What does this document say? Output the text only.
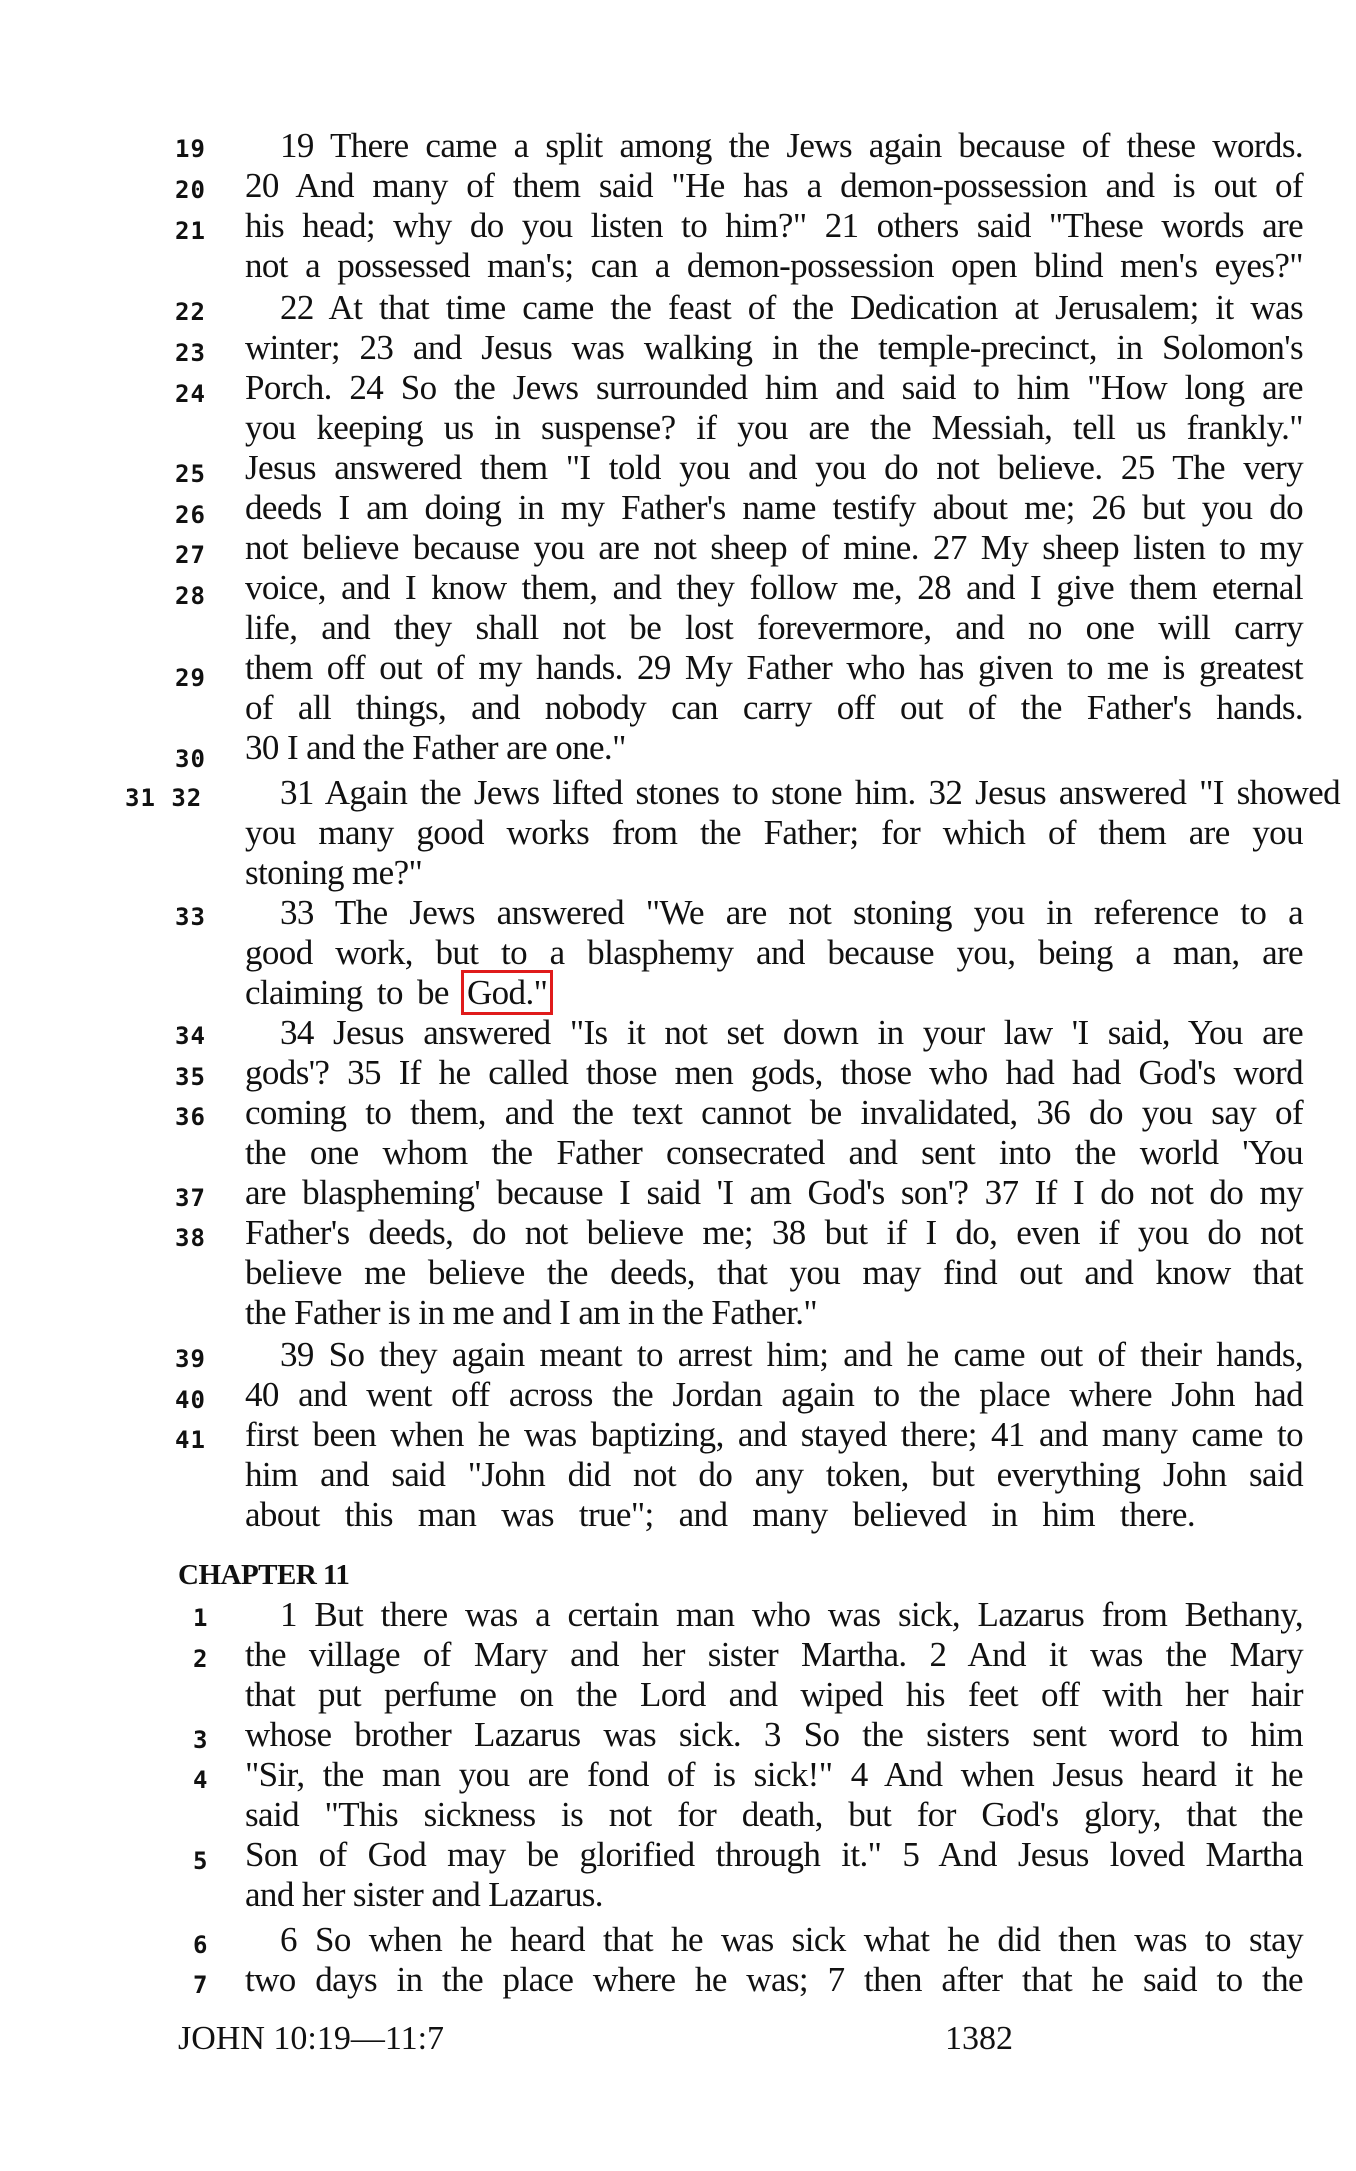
19 There came a split among the Jews again because of these words.
20 And many of them said "He has a demon-possession and is out of
his head; why do you listen to him?" 21 others said "These words are
not a possessed man's; can a demon-possession open blind men's eyes?"
22 At that time came the feast of the Dedication at Jerusalem; it was
winter; 23 and Jesus was walking in the temple-precinct, in Solomon's
Porch. 24 So the Jews surrounded him and said to him "How long are
you keeping us in suspense? if you are the Messiah, tell us frankly."
Jesus answered them "I told you and you do not believe. 25 The very
deeds I am doing in my Father's name testify about me; 26 but you do
not believe because you are not sheep of mine. 27 My sheep listen to my
voice, and I know them, and they follow me, 28 and I give them eternal
life, and they shall not be lost forevermore, and no one will carry
them off out of my hands. 29 My Father who has given to me is greatest
of all things, and nobody can carry off out of the Father's hands.
30 I and the Father are one."
31 Again the Jews lifted stones to stone him. 32 Jesus answered "I showed
you many good works from the Father; for which of them are you
stoning me?"
33 The Jews answered "We are not stoning you in reference to a
good work, but to a blasphemy and because you, being a man, are
claiming to be God."
34 Jesus answered "Is it not set down in your law 'I said, You are
gods'? 35 If he called those men gods, those who had had God's word
coming to them, and the text cannot be invalidated, 36 do you say of
the one whom the Father consecrated and sent into the world 'You
are blaspheming' because I said 'I am God's son'? 37 If I do not do my
Father's deeds, do not believe me; 38 but if I do, even if you do not
believe me believe the deeds, that you may find out and know that
the Father is in me and I am in the Father."
39 So they again meant to arrest him; and he came out of their hands,
40 and went off across the Jordan again to the place where John had
first been when he was baptizing, and stayed there; 41 and many came to
him and said "John did not do any token, but everything John said
about this man was true"; and many believed in him there.
CHAPTER 11
1 But there was a certain man who was sick, Lazarus from Bethany,
the village of Mary and her sister Martha. 2 And it was the Mary
that put perfume on the Lord and wiped his feet off with her hair
whose brother Lazarus was sick. 3 So the sisters sent word to him
"Sir, the man you are fond of is sick!" 4 And when Jesus heard it he
said "This sickness is not for death, but for God's glory, that the
Son of God may be glorified through it." 5 And Jesus loved Martha
and her sister and Lazarus.
6 So when he heard that he was sick what he did then was to stay
two days in the place where he was; 7 then after that he said to the
19
20
21
22
23
24
25
26
27
28
29
30
31 32
33
34
35
36
37
38
39
40
41
1
2
3
4
5
6
7
JOHN 10:19—11:7	1382
